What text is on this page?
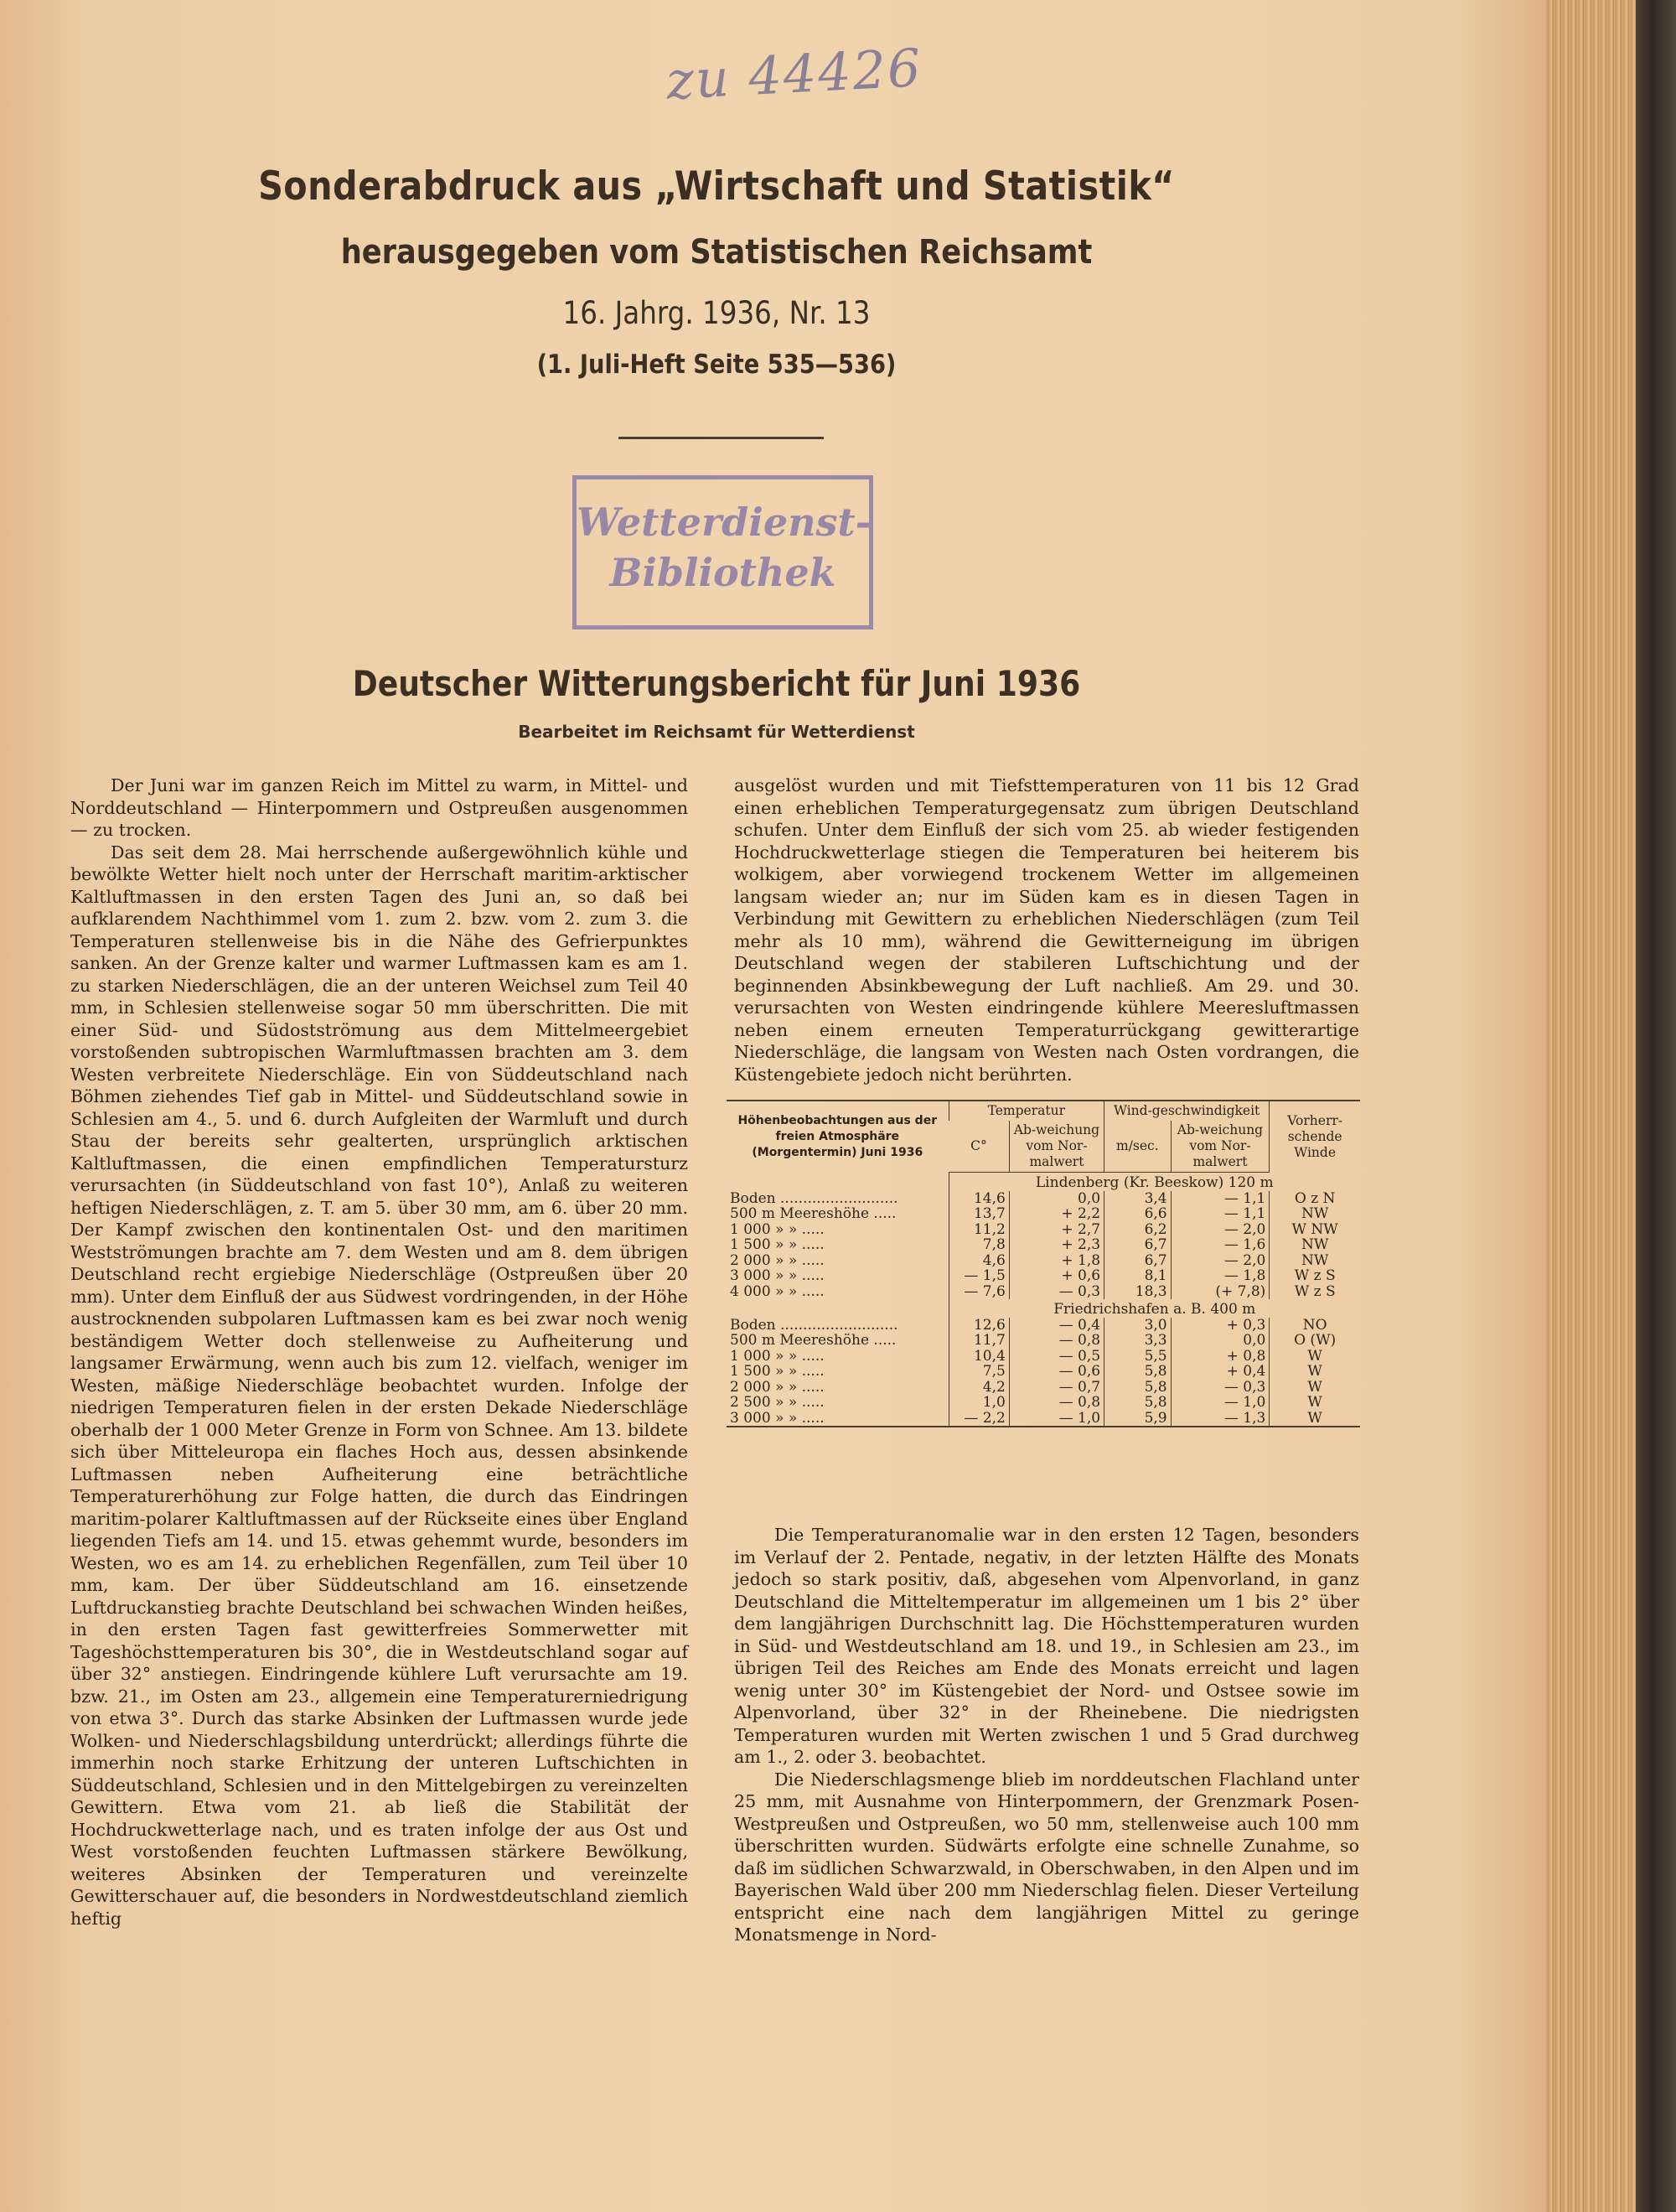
zu 44426
Sonderabdruck aus „Wirtschaft und Statistik“
herausgegeben vom Statistischen Reichsamt
16. Jahrg. 1936, Nr. 13
(1. Juli-Heft Seite 535—536)
Wetterdienst-
Bibliothek
Deutscher Witterungsbericht für Juni 1936
Bearbeitet im Reichsamt für Wetterdienst

Der Juni war im ganzen Reich im Mittel zu warm, in Mittel- und Norddeutschland — Hinterpommern und Ostpreußen ausgenommen — zu trocken.

Das seit dem 28. Mai herrschende außergewöhnlich kühle und bewölkte Wetter hielt noch unter der Herrschaft maritim-arktischer Kaltluftmassen in den ersten Tagen des Juni an, so daß bei aufklarendem Nachthimmel vom 1. zum 2. bzw. vom 2. zum 3. die Temperaturen stellenweise bis in die Nähe des Gefrierpunktes sanken. An der Grenze kalter und warmer Luftmassen kam es am 1. zu starken Niederschlägen, die an der unteren Weichsel zum Teil 40 mm, in Schlesien stellenweise sogar 50 mm überschritten. Die mit einer Süd- und Südostströmung aus dem Mittelmeergebiet vorstoßenden subtropischen Warmluftmassen brachten am 3. dem Westen verbreitete Niederschläge. Ein von Süddeutschland nach Böhmen ziehendes Tief gab in Mittel- und Süddeutschland sowie in Schlesien am 4., 5. und 6. durch Aufgleiten der Warmluft und durch Stau der bereits sehr gealterten, ursprünglich arktischen Kaltluftmassen, die einen empfindlichen Temperatursturz verursachten (in Süddeutschland von fast 10°), Anlaß zu weiteren heftigen Niederschlägen, z. T. am 5. über 30 mm, am 6. über 20 mm. Der Kampf zwischen den kontinentalen Ost- und den maritimen Westströmungen brachte am 7. dem Westen und am 8. dem übrigen Deutschland recht ergiebige Niederschläge (Ostpreußen über 20 mm). Unter dem Einfluß der aus Südwest vordringenden, in der Höhe austrocknenden subpolaren Luftmassen kam es bei zwar noch wenig beständigem Wetter doch stellenweise zu Aufheiterung und langsamer Erwärmung, wenn auch bis zum 12. vielfach, weniger im Westen, mäßige Niederschläge beobachtet wurden. Infolge der niedrigen Temperaturen fielen in der ersten Dekade Niederschläge oberhalb der 1 000 Meter Grenze in Form von Schnee. Am 13. bildete sich über Mitteleuropa ein flaches Hoch aus, dessen absinkende Luftmassen neben Aufheiterung eine beträchtliche Temperaturerhöhung zur Folge hatten, die durch das Eindringen maritim-polarer Kaltluftmassen auf der Rückseite eines über England liegenden Tiefs am 14. und 15. etwas gehemmt wurde, besonders im Westen, wo es am 14. zu erheblichen Regenfällen, zum Teil über 10 mm, kam. Der über Süddeutschland am 16. einsetzende Luftdruckanstieg brachte Deutschland bei schwachen Winden heißes, in den ersten Tagen fast gewitterfreies Sommerwetter mit Tageshöchsttemperaturen bis 30°, die in Westdeutschland sogar auf über 32° anstiegen. Eindringende kühlere Luft verursachte am 19. bzw. 21., im Osten am 23., allgemein eine Temperaturerniedrigung von etwa 3°. Durch das starke Absinken der Luftmassen wurde jede Wolken- und Niederschlagsbildung unterdrückt; allerdings führte die immerhin noch starke Erhitzung der unteren Luftschichten in Süddeutschland, Schlesien und in den Mittelgebirgen zu vereinzelten Gewittern. Etwa vom 21. ab ließ die Stabilität der Hochdruckwetterlage nach, und es traten infolge der aus Ost und West vorstoßenden feuchten Luftmassen stärkere Bewölkung, weiteres Absinken der Temperaturen und vereinzelte Gewitterschauer auf, die besonders in Nordwestdeutschland ziemlich heftig

ausgelöst wurden und mit Tiefsttemperaturen von 11 bis 12 Grad einen erheblichen Temperaturgegensatz zum übrigen Deutschland schufen. Unter dem Einfluß der sich vom 25. ab wieder festigenden Hochdruckwetterlage stiegen die Temperaturen bei heiterem bis wolkigem, aber vorwiegend trockenem Wetter im allgemeinen langsam wieder an; nur im Süden kam es in diesen Tagen in Verbindung mit Gewittern zu erheblichen Niederschlägen (zum Teil mehr als 10 mm), während die Gewitterneigung im übrigen Deutschland wegen der stabileren Luftschichtung und der beginnenden Absinkbewegung der Luft nachließ. Am 29. und 30. verursachten von Westen eindringende kühlere Meeresluftmassen neben einem erneuten Temperaturrückgang gewitterartige Niederschläge, die langsam von Westen nach Osten vordrangen, die Küstengebiete jedoch nicht berührten.

Höhenbeobachtungen aus der freien Atmosphäre (Morgentermin) Juni 1936	Temperatur		Wind-geschwindigkeit		Vorherr-schende Winde
	C°	Ab-weichung vom Nor-malwert	m/sec.	Ab-weichung vom Nor-malwert	
	Lindenberg (Kr. Beeskow) 120 m				
Boden ..........................	14,6	0,0	3,4	— 1,1	O z N
500 m Meereshöhe .....	13,7	+ 2,2	6,6	— 1,1	NW
1 000 » » .....	11,2	+ 2,7	6,2	— 2,0	W NW
1 500 » » .....	7,8	+ 2,3	6,7	— 1,6	NW
2 000 » » .....	4,6	+ 1,8	6,7	— 2,0	NW
3 000 » » .....	— 1,5	+ 0,6	8,1	— 1,8	W z S
4 000 » » .....	— 7,6	— 0,3	18,3	(+ 7,8)	W z S
	Friedrichshafen a. B. 400 m				
Boden ..........................	12,6	— 0,4	3,0	+ 0,3	NO
500 m Meereshöhe .....	11,7	— 0,8	3,3	0,0	O (W)
1 000 » » .....	10,4	— 0,5	5,5	+ 0,8	W
1 500 » » .....	7,5	— 0,6	5,8	+ 0,4	W
2 000 » » .....	4,2	— 0,7	5,8	— 0,3	W
2 500 » » .....	1,0	— 0,8	5,8	— 1,0	W
3 000 » » .....	— 2,2	— 1,0	5,9	— 1,3	W

Die Temperaturanomalie war in den ersten 12 Tagen, besonders im Verlauf der 2. Pentade, negativ, in der letzten Hälfte des Monats jedoch so stark positiv, daß, abgesehen vom Alpenvorland, in ganz Deutschland die Mitteltemperatur im allgemeinen um 1 bis 2° über dem langjährigen Durchschnitt lag. Die Höchsttemperaturen wurden in Süd- und Westdeutschland am 18. und 19., in Schlesien am 23., im übrigen Teil des Reiches am Ende des Monats erreicht und lagen wenig unter 30° im Küstengebiet der Nord- und Ostsee sowie im Alpenvorland, über 32° in der Rheinebene. Die niedrigsten Temperaturen wurden mit Werten zwischen 1 und 5 Grad durchweg am 1., 2. oder 3. beobachtet.

Die Niederschlagsmenge blieb im norddeutschen Flachland unter 25 mm, mit Ausnahme von Hinterpommern, der Grenzmark Posen-Westpreußen und Ostpreußen, wo 50 mm, stellenweise auch 100 mm überschritten wurden. Südwärts erfolgte eine schnelle Zunahme, so daß im südlichen Schwarzwald, in Oberschwaben, in den Alpen und im Bayerischen Wald über 200 mm Niederschlag fielen. Dieser Verteilung entspricht eine nach dem langjährigen Mittel zu geringe Monatsmenge in Nord-
